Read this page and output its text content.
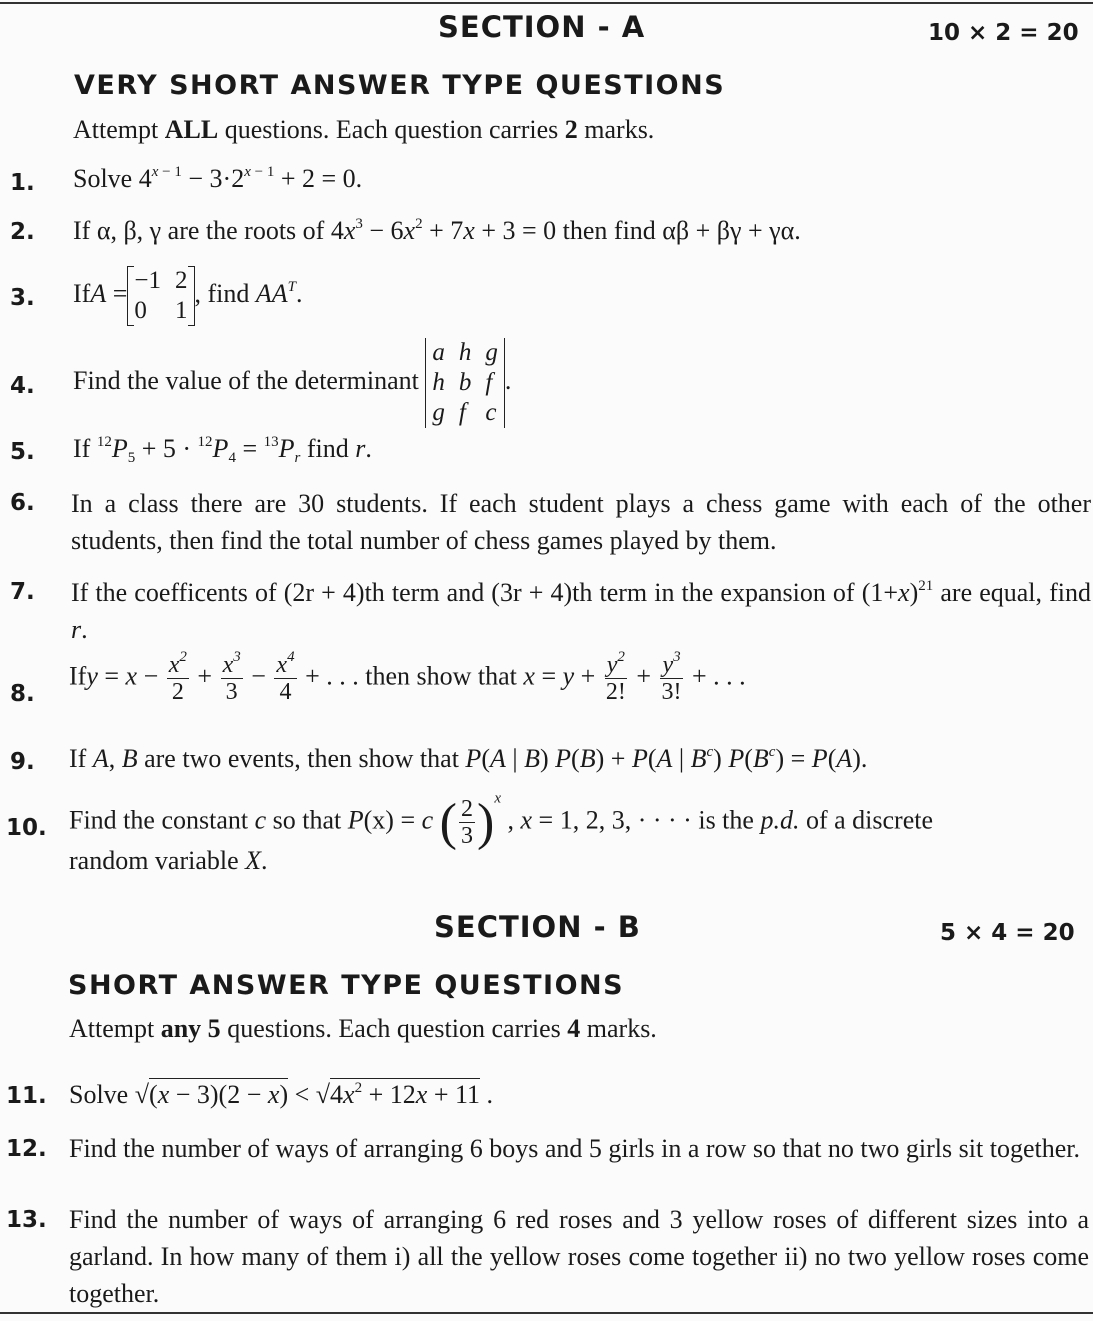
SECTION - A	10 × 2 = 20
VERY SHORT ANSWER TYPE QUESTIONS
Attempt ALL questions. Each question carries 2 marks.
1. Solve $4^{x - 1} - 3\cdot 2^{x - 1} + 2 = 0$.
2. If α, β, γ are the roots of $4x^3 - 6x^2 + 7x + 3 = 0$ then find αβ + βγ + γα.
3. IfA = −1 2
0	1
, find $AA^T$.
4. Find the value of the determinant
a h g
h b f
g f c
.
5. If $^{12}P_5 + 5 \cdot ^{12}P_4 = ^{13}P_r$ find r.
6. In a class there are 30 students. If each student plays a chess game with each of the other students, then find the total number of chess games played by them.
7. If the coefficents of (2r + 4)th term and (3r + 4)th term in the expansion of $(1+x)^{21}$ are equal, find r.
8.
Ify = $x - \frac{x^2}{2} + \frac{x^3}{3} - \frac{x^4}{4}$ + . . . then show that $x = y + \frac{y^2}{2!} + \frac{y^3}{3!}$ + . . .
9. If A, B are two events, then show that P(A | B) P(B) + P(A | $B^c$) $P(B^c) = P(A)$.
10. Find the constant c so that P(x) = c ( $\frac{2}{3}$ ) $^x$ , x = 1, 2, 3, · · · · is the p.d. of a discrete
random variable X.
SECTION - B	5 × 4 = 20
SHORT ANSWER TYPE QUESTIONS
Attempt any 5 questions. Each question carries 4 marks.
11. Solve $√(x - 3)(2 - x) < √4x^2 + 12x + 11$ .
12. Find the number of ways of arranging 6 boys and 5 girls in a row so that no two girls sit together.
13. Find the number of ways of arranging 6 red roses and 3 yellow roses of different sizes into a garland. In how many of them i) all the yellow roses come together ii) no two yellow roses come together.
